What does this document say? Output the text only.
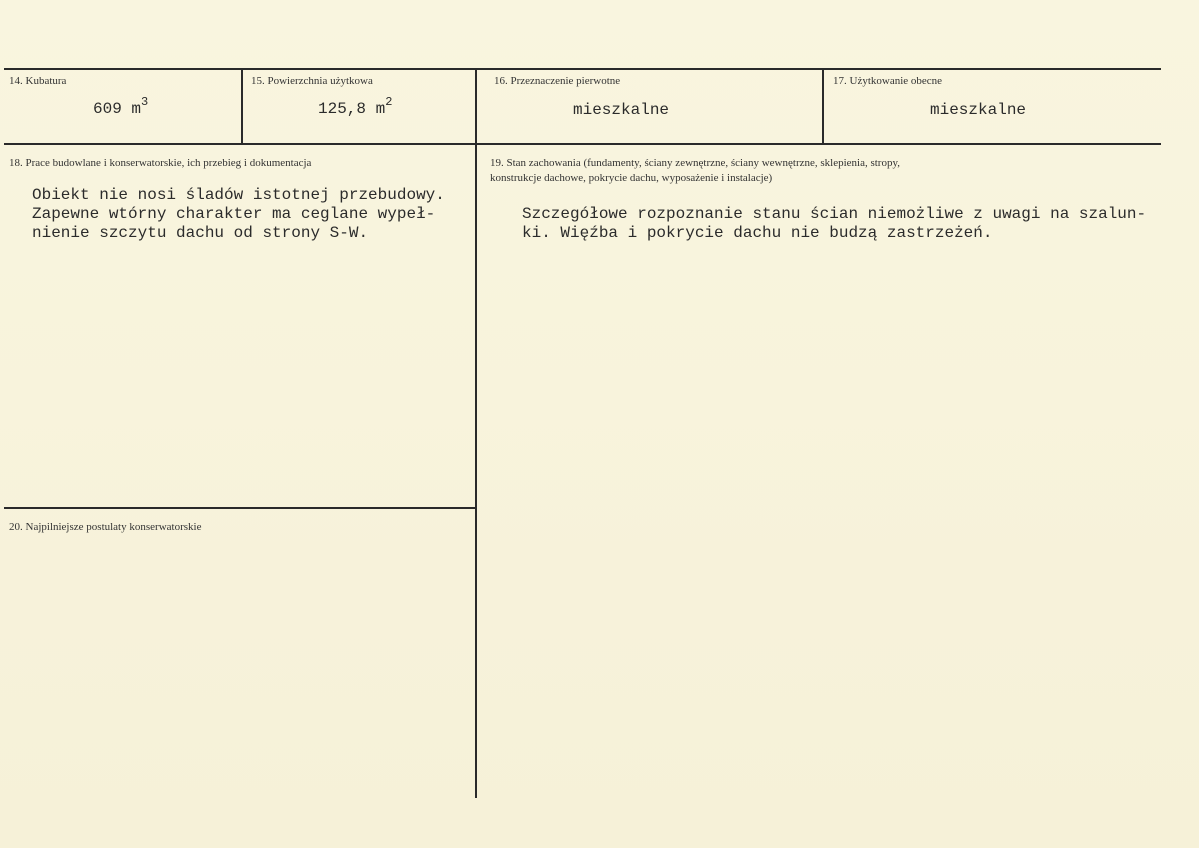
14. Kubatura
609 $m^3$
15. Powierzchnia użytkowa
125,8 $m^2$
16. Przeznaczenie pierwotne
mieszkalne
17. Użytkowanie obecne
mieszkalne
18. Prace budowlane i konserwatorskie, ich przebieg i dokumentacja
Obiekt nie nosi śladów istotnej przebudowy.
Zapewne wtórny charakter ma ceglane wypeł-
nienie szczytu dachu od strony S-W.
19. Stan zachowania (fundamenty, ściany zewnętrzne, ściany wewnętrzne, sklepienia, stropy,
konstrukcje dachowe, pokrycie dachu, wyposażenie i instalacje)
Szczegółowe rozpoznanie stanu ścian niemożliwe z uwagi na szalun-
ki. Więźba i pokrycie dachu nie budzą zastrzeżeń.
20. Najpilniejsze postulaty konserwatorskie
